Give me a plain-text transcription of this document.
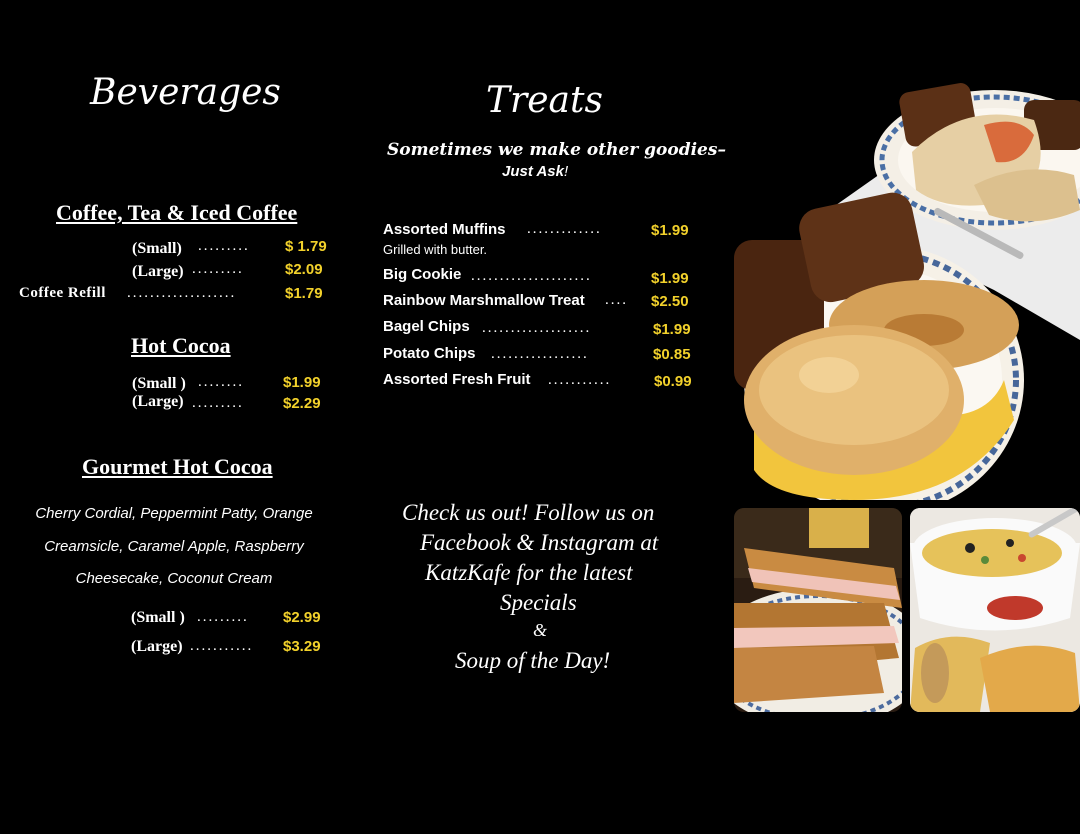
Beverages
Coffee, Tea & Iced Coffee
(Small) ......... $ 1.79
(Large) .........	$2.09
Coffee Refill ...................	$1.79
Hot Cocoa
(Small ) ........	$1.99
(Large) .........	$2.29
Gourmet Hot Cocoa
Cherry Cordial, Peppermint Patty, Orange
Creamsicle, Caramel Apple, Raspberry
Cheesecake, Coconut Cream
(Small ) ......... $2.99
(Large) ........... $3.29
Treats
Sometimes we make other goodies–
Just Ask!
Assorted Muffins .............	$1.99
Grilled with butter.
Big Cookie .....................	$1.99
Rainbow Marshmallow Treat .... $2.50
Bagel Chips ...................	$1.99
Potato Chips .................	$0.85
Assorted Fresh Fruit ...........	$0.99
Check us out! Follow us on
Facebook & Instagram at
KatzKafe for the latest
Specials
&
Soup of the Day!
